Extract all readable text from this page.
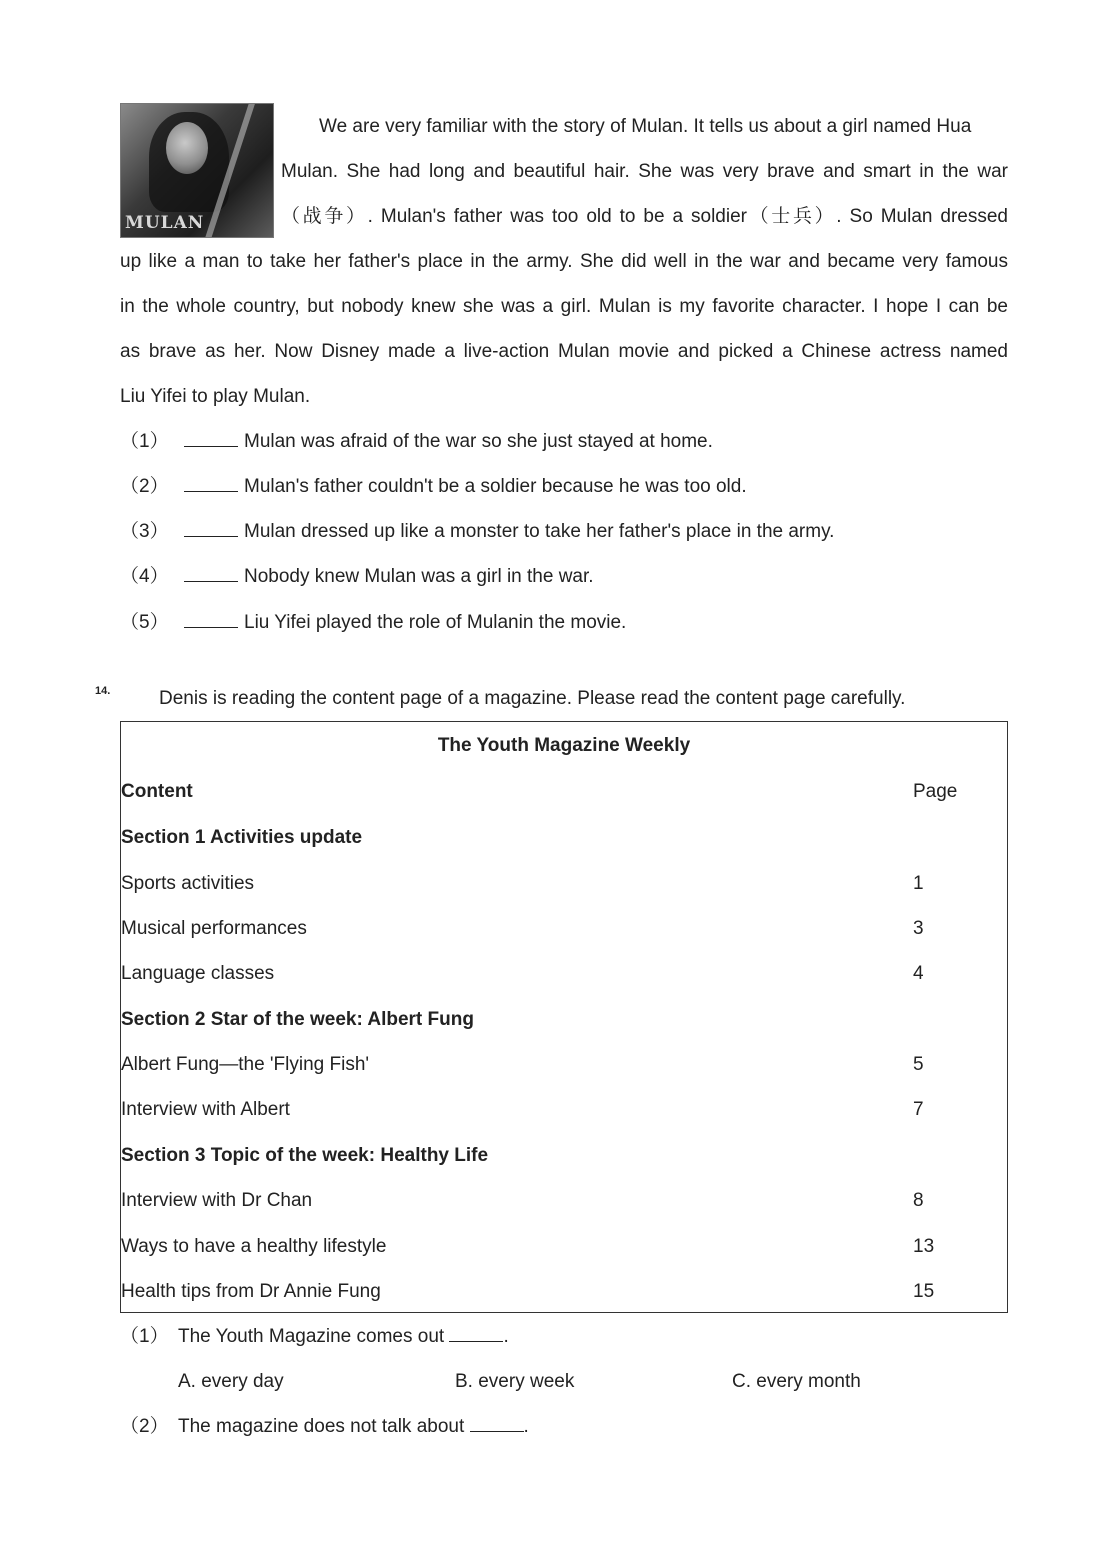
MULAN
We are very familiar with the story of Mulan. It tells us about a girl named Hua
Mulan. She had long and beautiful hair. She was very brave and smart in the war
（战争）. Mulan's father was too old to be a soldier（士兵）. So Mulan dressed
up like a man to take her father's place in the army. She did well in the war and became very famous
in the whole country, but nobody knew she was a girl. Mulan is my favorite character. I hope I can be
as brave as her. Now Disney made a live-action Mulan movie and picked a Chinese actress named
Liu Yifei to play Mulan.
（1）	Mulan was afraid of the war so she just stayed at home.
（2）	Mulan's father couldn't be a soldier because he was too old.
（3）	Mulan dressed up like a monster to take her father's place in the army.
（4）	Nobody knew Mulan was a girl in the war.
（5）	Liu Yifei played the role of Mulanin the movie.
14.	Denis is reading the content page of a magazine. Please read the content page carefully.
The Youth Magazine Weekly
Content	Page
Section 1 Activities update
Sports activities	1
Musical performances	3
Language classes	4
Section 2 Star of the week: Albert Fung
Albert Fung—the 'Flying Fish'	5
Interview with Albert	7
Section 3 Topic of the week: Healthy Life
Interview with Dr Chan	8
Ways to have a healthy lifestyle	13
Health tips from Dr Annie Fung	15
（1） The Youth Magazine comes out	.
A. every day	B. every week	C. every month
（2） The magazine does not talk about	.
